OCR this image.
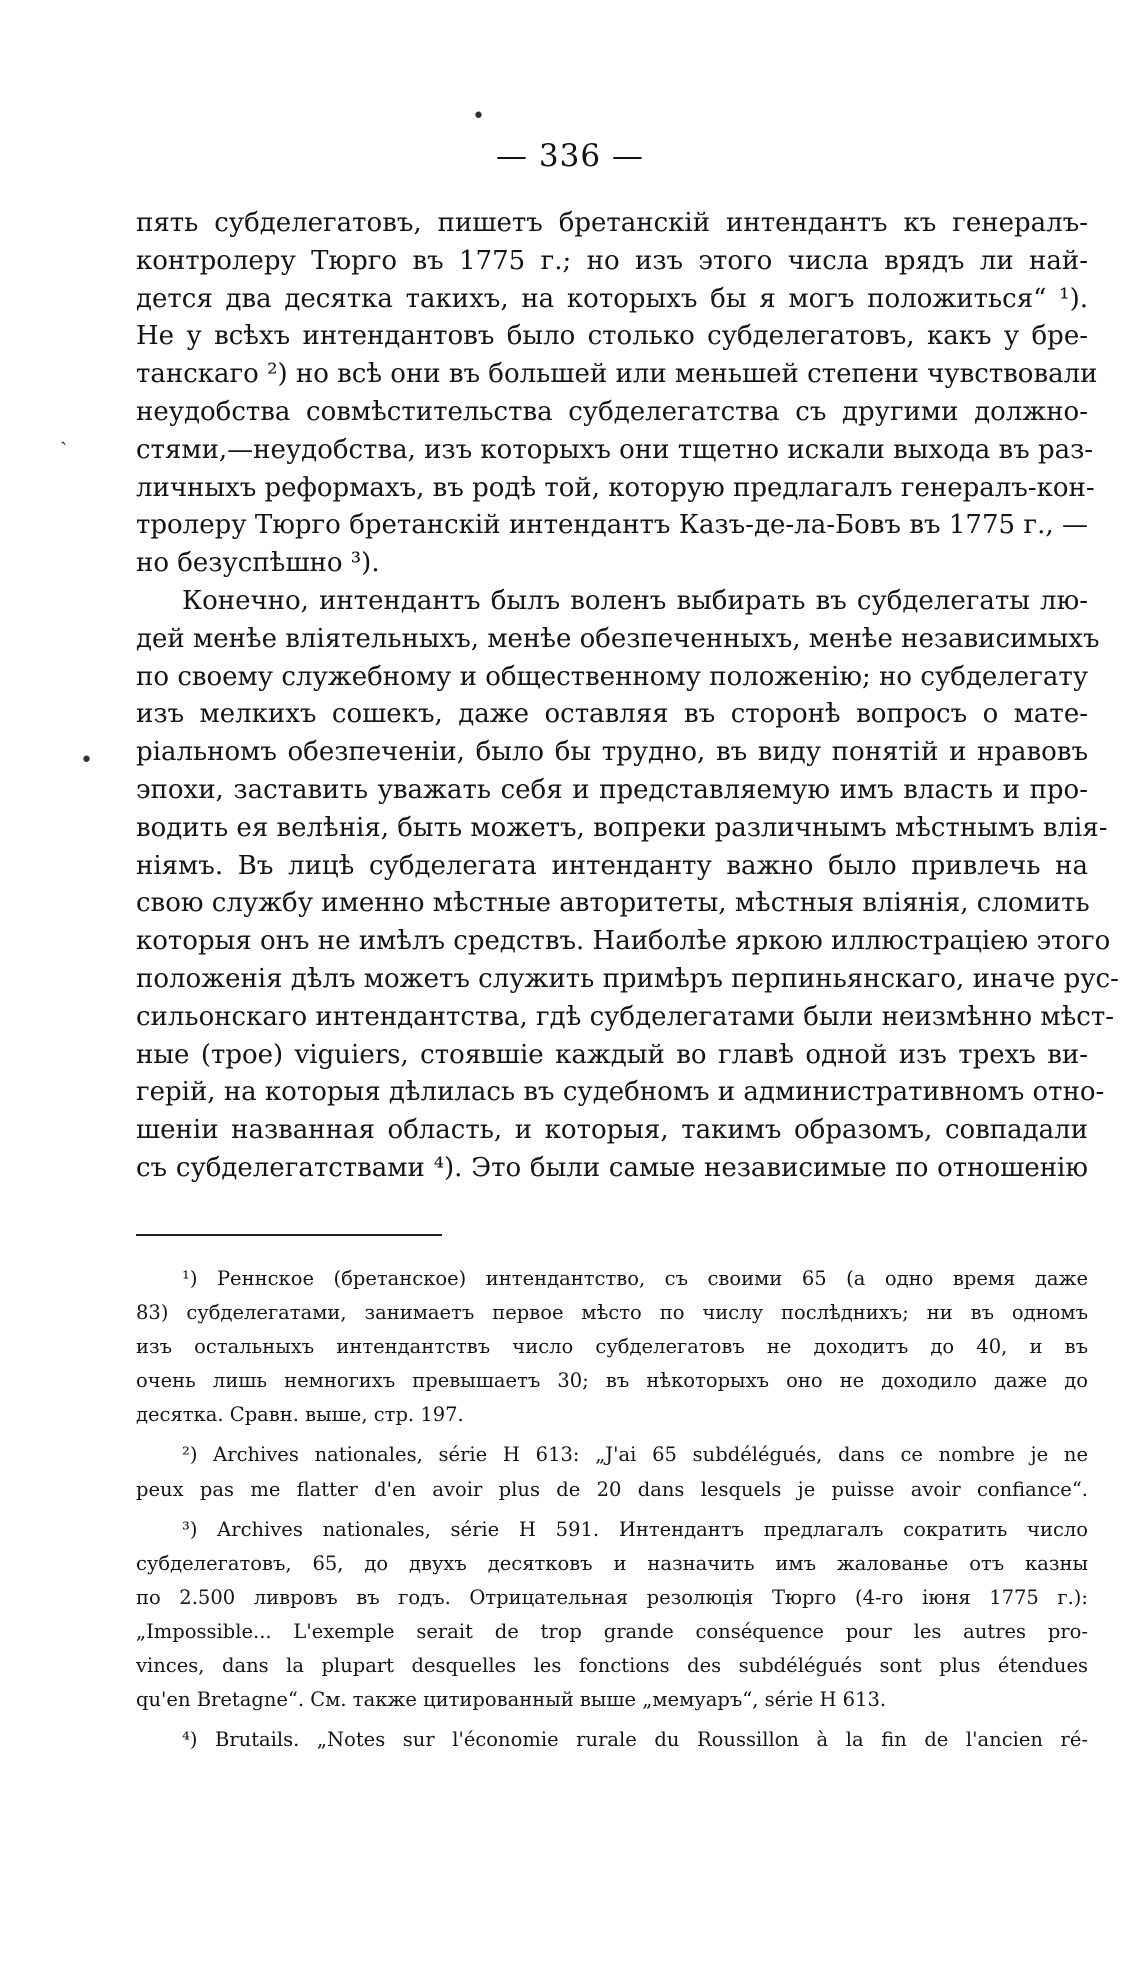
— 336 —
•
ˏ
•
пять субделегатовъ, пишетъ бретанскій интендантъ къ генералъ-
контролеру Тюрго въ 1775 г.; но изъ этого числа врядъ ли най-
дется два десятка такихъ, на которыхъ бы я могъ положиться“ ¹).
Не у всѣхъ интендантовъ было столько субделегатовъ, какъ у бре-
танскаго ²) но всѣ они въ большей или меньшей степени чувствовали
неудобства совмѣстительства субделегатства съ другими должно-
стями,—неудобства, изъ которыхъ они тщетно искали выхода въ раз-
личныхъ реформахъ, въ родѣ той, которую предлагалъ генералъ-кон-
тролеру Тюрго бретанскій интендантъ Казъ-де-ла-Бовъ въ 1775 г., —
но безуспѣшно ³).
Конечно, интендантъ былъ воленъ выбирать въ субделегаты лю-
дей менѣе вліятельныхъ, менѣе обезпеченныхъ, менѣе независимыхъ
по своему служебному и общественному положенію; но субделегату
изъ мелкихъ сошекъ, даже оставляя въ сторонѣ вопросъ о мате-
ріальномъ обезпеченіи, было бы трудно, въ виду понятій и нравовъ
эпохи, заставить уважать себя и представляемую имъ власть и про-
водить ея велѣнія, быть можетъ, вопреки различнымъ мѣстнымъ влія-
ніямъ. Въ лицѣ субделегата интенданту важно было привлечь на
свою службу именно мѣстные авторитеты, мѣстныя вліянія, сломить
которыя онъ не имѣлъ средствъ. Наиболѣе яркою иллюстраціею этого
положенія дѣлъ можетъ служить примѣръ перпиньянскаго, иначе рус-
сильонскаго интендантства, гдѣ субделегатами были неизмѣнно мѣст-
ные (трое) viguiers, стоявшіе каждый во главѣ одной изъ трехъ ви-
герій, на которыя дѣлилась въ судебномъ и административномъ отно-
шеніи названная область, и которыя, такимъ образомъ, совпадали
съ субделегатствами ⁴). Это были самые независимые по отношенію
¹) Реннское (бретанское) интендантство, съ своими 65 (а одно время даже
83) субделегатами, занимаетъ первое мѣсто по числу послѣднихъ; ни въ одномъ
изъ остальныхъ интендантствъ число субделегатовъ не доходитъ до 40, и въ
очень лишь немногихъ превышаетъ 30; въ нѣкоторыхъ оно не доходило даже до
десятка. Сравн. выше, стр. 197.
²) Archives nationales, série H 613: „J'ai 65 subdélégués, dans ce nombre je ne
peux pas me flatter d'en avoir plus de 20 dans lesquels je puisse avoir confiance“.
³) Archives nationales, série H 591. Интендантъ предлагалъ сократить число
субделегатовъ, 65, до двухъ десятковъ и назначить имъ жалованье отъ казны
по 2.500 ливровъ въ годъ. Отрицательная резолюція Тюрго (4-го іюня 1775 г.):
„Impossible... L'exemple serait de trop grande conséquence pour les autres pro-
vinces, dans la plupart desquelles les fonctions des subdélégués sont plus étendues
qu'en Bretagne“. См. также цитированный выше „мемуаръ“, série H 613.
⁴) Brutails. „Notes sur l'économie rurale du Roussillon à la fin de l'ancien ré-
